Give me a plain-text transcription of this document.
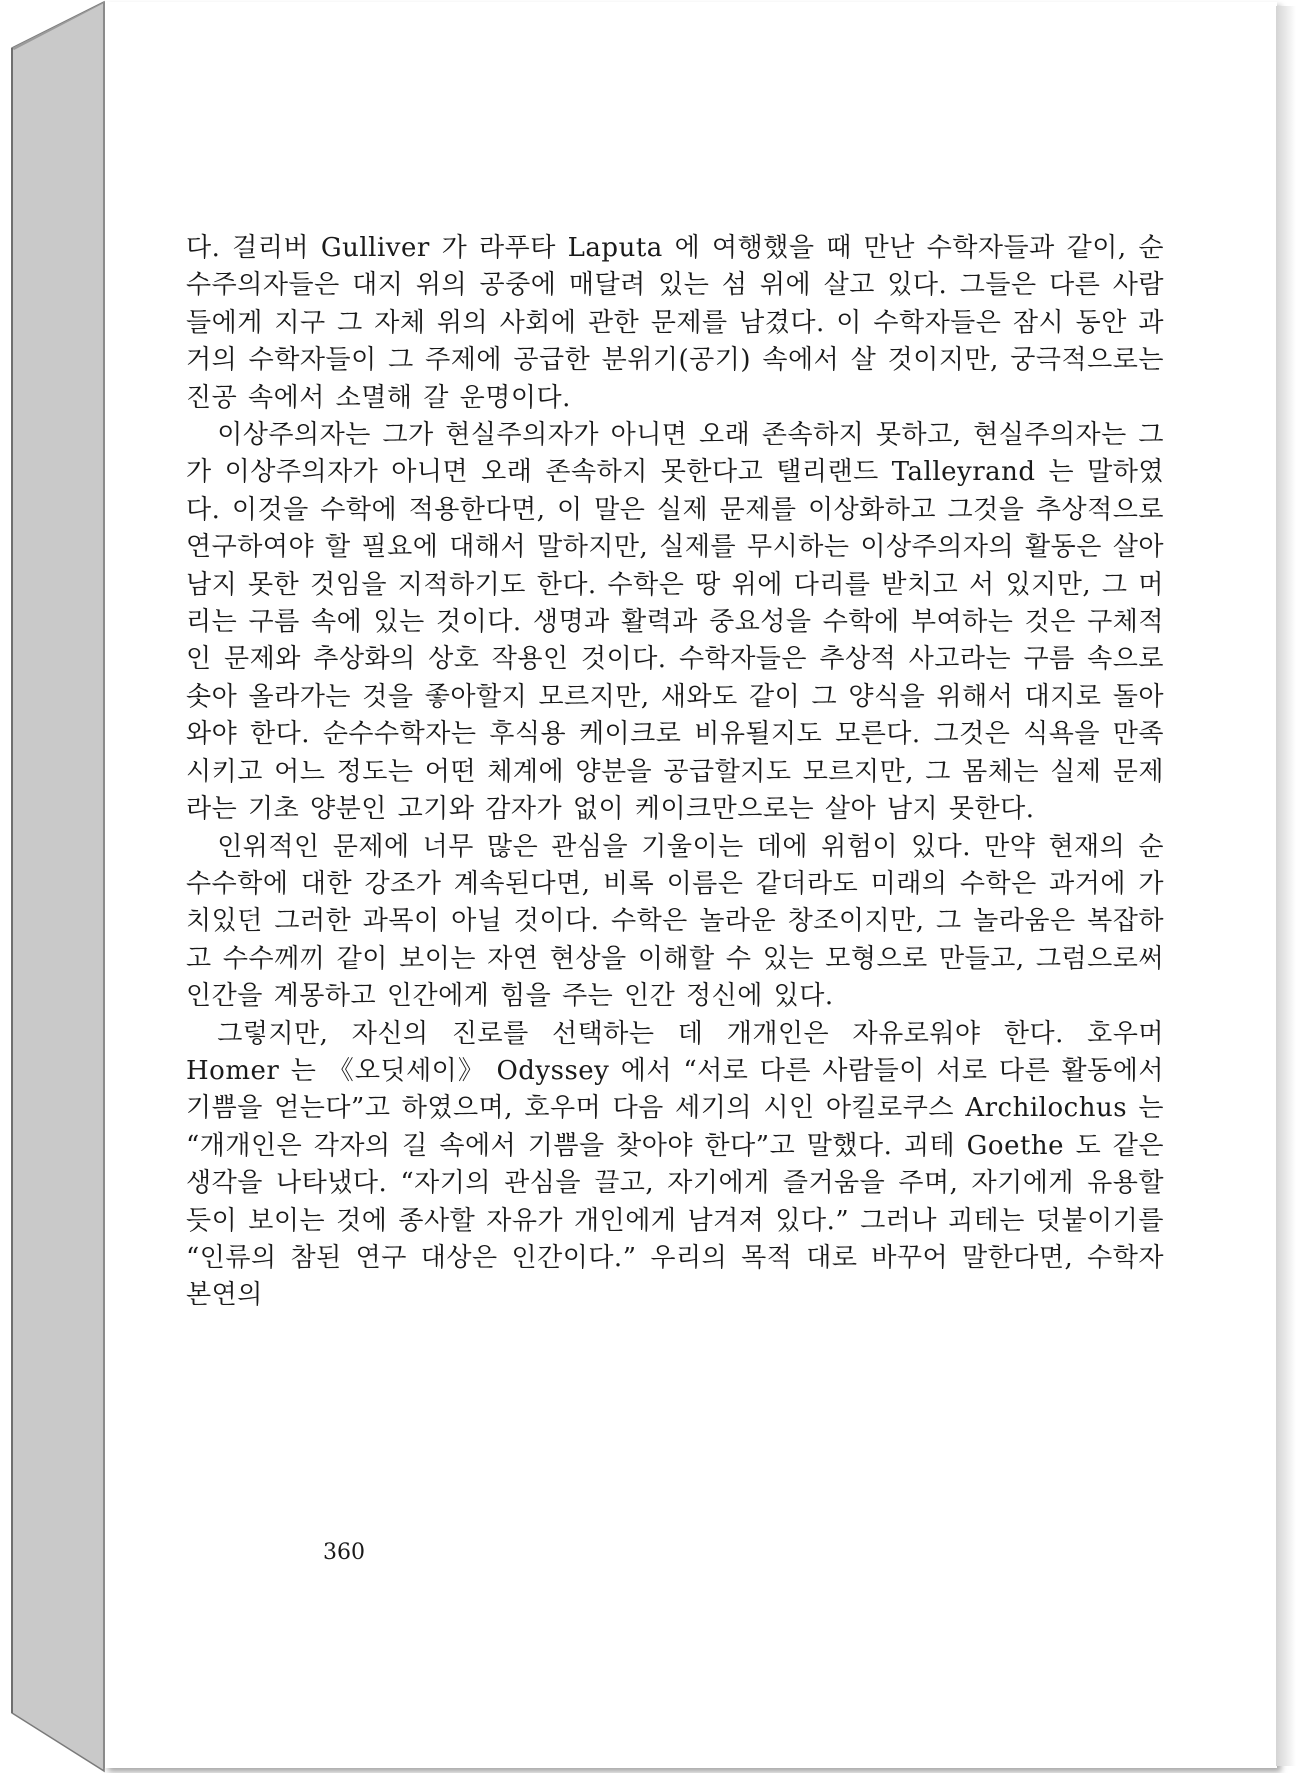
다. 걸리버 Gulliver 가 라푸타 Laputa 에 여행했을 때 만난 수학자들과 같이, 순수주의자들은 대지 위의 공중에 매달려 있는 섬 위에 살고 있다. 그들은 다른 사람들에게 지구 그 자체 위의 사회에 관한 문제를 남겼다. 이 수학자들은 잠시 동안 과거의 수학자들이 그 주제에 공급한 분위기(공기) 속에서 살 것이지만, 궁극적으로는 진공 속에서 소멸해 갈 운명이다.

이상주의자는 그가 현실주의자가 아니면 오래 존속하지 못하고, 현실주의자는 그가 이상주의자가 아니면 오래 존속하지 못한다고 탤리랜드 Talleyrand 는 말하였다. 이것을 수학에 적용한다면, 이 말은 실제 문제를 이상화하고 그것을 추상적으로 연구하여야 할 필요에 대해서 말하지만, 실제를 무시하는 이상주의자의 활동은 살아남지 못한 것임을 지적하기도 한다. 수학은 땅 위에 다리를 받치고 서 있지만, 그 머리는 구름 속에 있는 것이다. 생명과 활력과 중요성을 수학에 부여하는 것은 구체적인 문제와 추상화의 상호 작용인 것이다. 수학자들은 추상적 사고라는 구름 속으로 솟아 올라가는 것을 좋아할지 모르지만, 새와도 같이 그 양식을 위해서 대지로 돌아와야 한다. 순수수학자는 후식용 케이크로 비유될지도 모른다. 그것은 식욕을 만족시키고 어느 정도는 어떤 체계에 양분을 공급할지도 모르지만, 그 몸체는 실제 문제라는 기초 양분인 고기와 감자가 없이 케이크만으로는 살아 남지 못한다.

인위적인 문제에 너무 많은 관심을 기울이는 데에 위험이 있다. 만약 현재의 순수수학에 대한 강조가 계속된다면, 비록 이름은 같더라도 미래의 수학은 과거에 가치있던 그러한 과목이 아닐 것이다. 수학은 놀라운 창조이지만, 그 놀라움은 복잡하고 수수께끼 같이 보이는 자연 현상을 이해할 수 있는 모형으로 만들고, 그럼으로써 인간을 계몽하고 인간에게 힘을 주는 인간 정신에 있다.

그렇지만, 자신의 진로를 선택하는 데 개개인은 자유로워야 한다. 호우머 Homer 는 《오딧세이》 Odyssey 에서 “서로 다른 사람들이 서로 다른 활동에서 기쁨을 얻는다”고 하였으며, 호우머 다음 세기의 시인 아킬로쿠스 Archilochus 는 “개개인은 각자의 길 속에서 기쁨을 찾아야 한다”고 말했다. 괴테 Goethe 도 같은 생각을 나타냈다. “자기의 관심을 끌고, 자기에게 즐거움을 주며, 자기에게 유용할 듯이 보이는 것에 종사할 자유가 개인에게 남겨져 있다.” 그러나 괴테는 덧붙이기를 “인류의 참된 연구 대상은 인간이다.” 우리의 목적 대로 바꾸어 말한다면, 수학자 본연의

360
